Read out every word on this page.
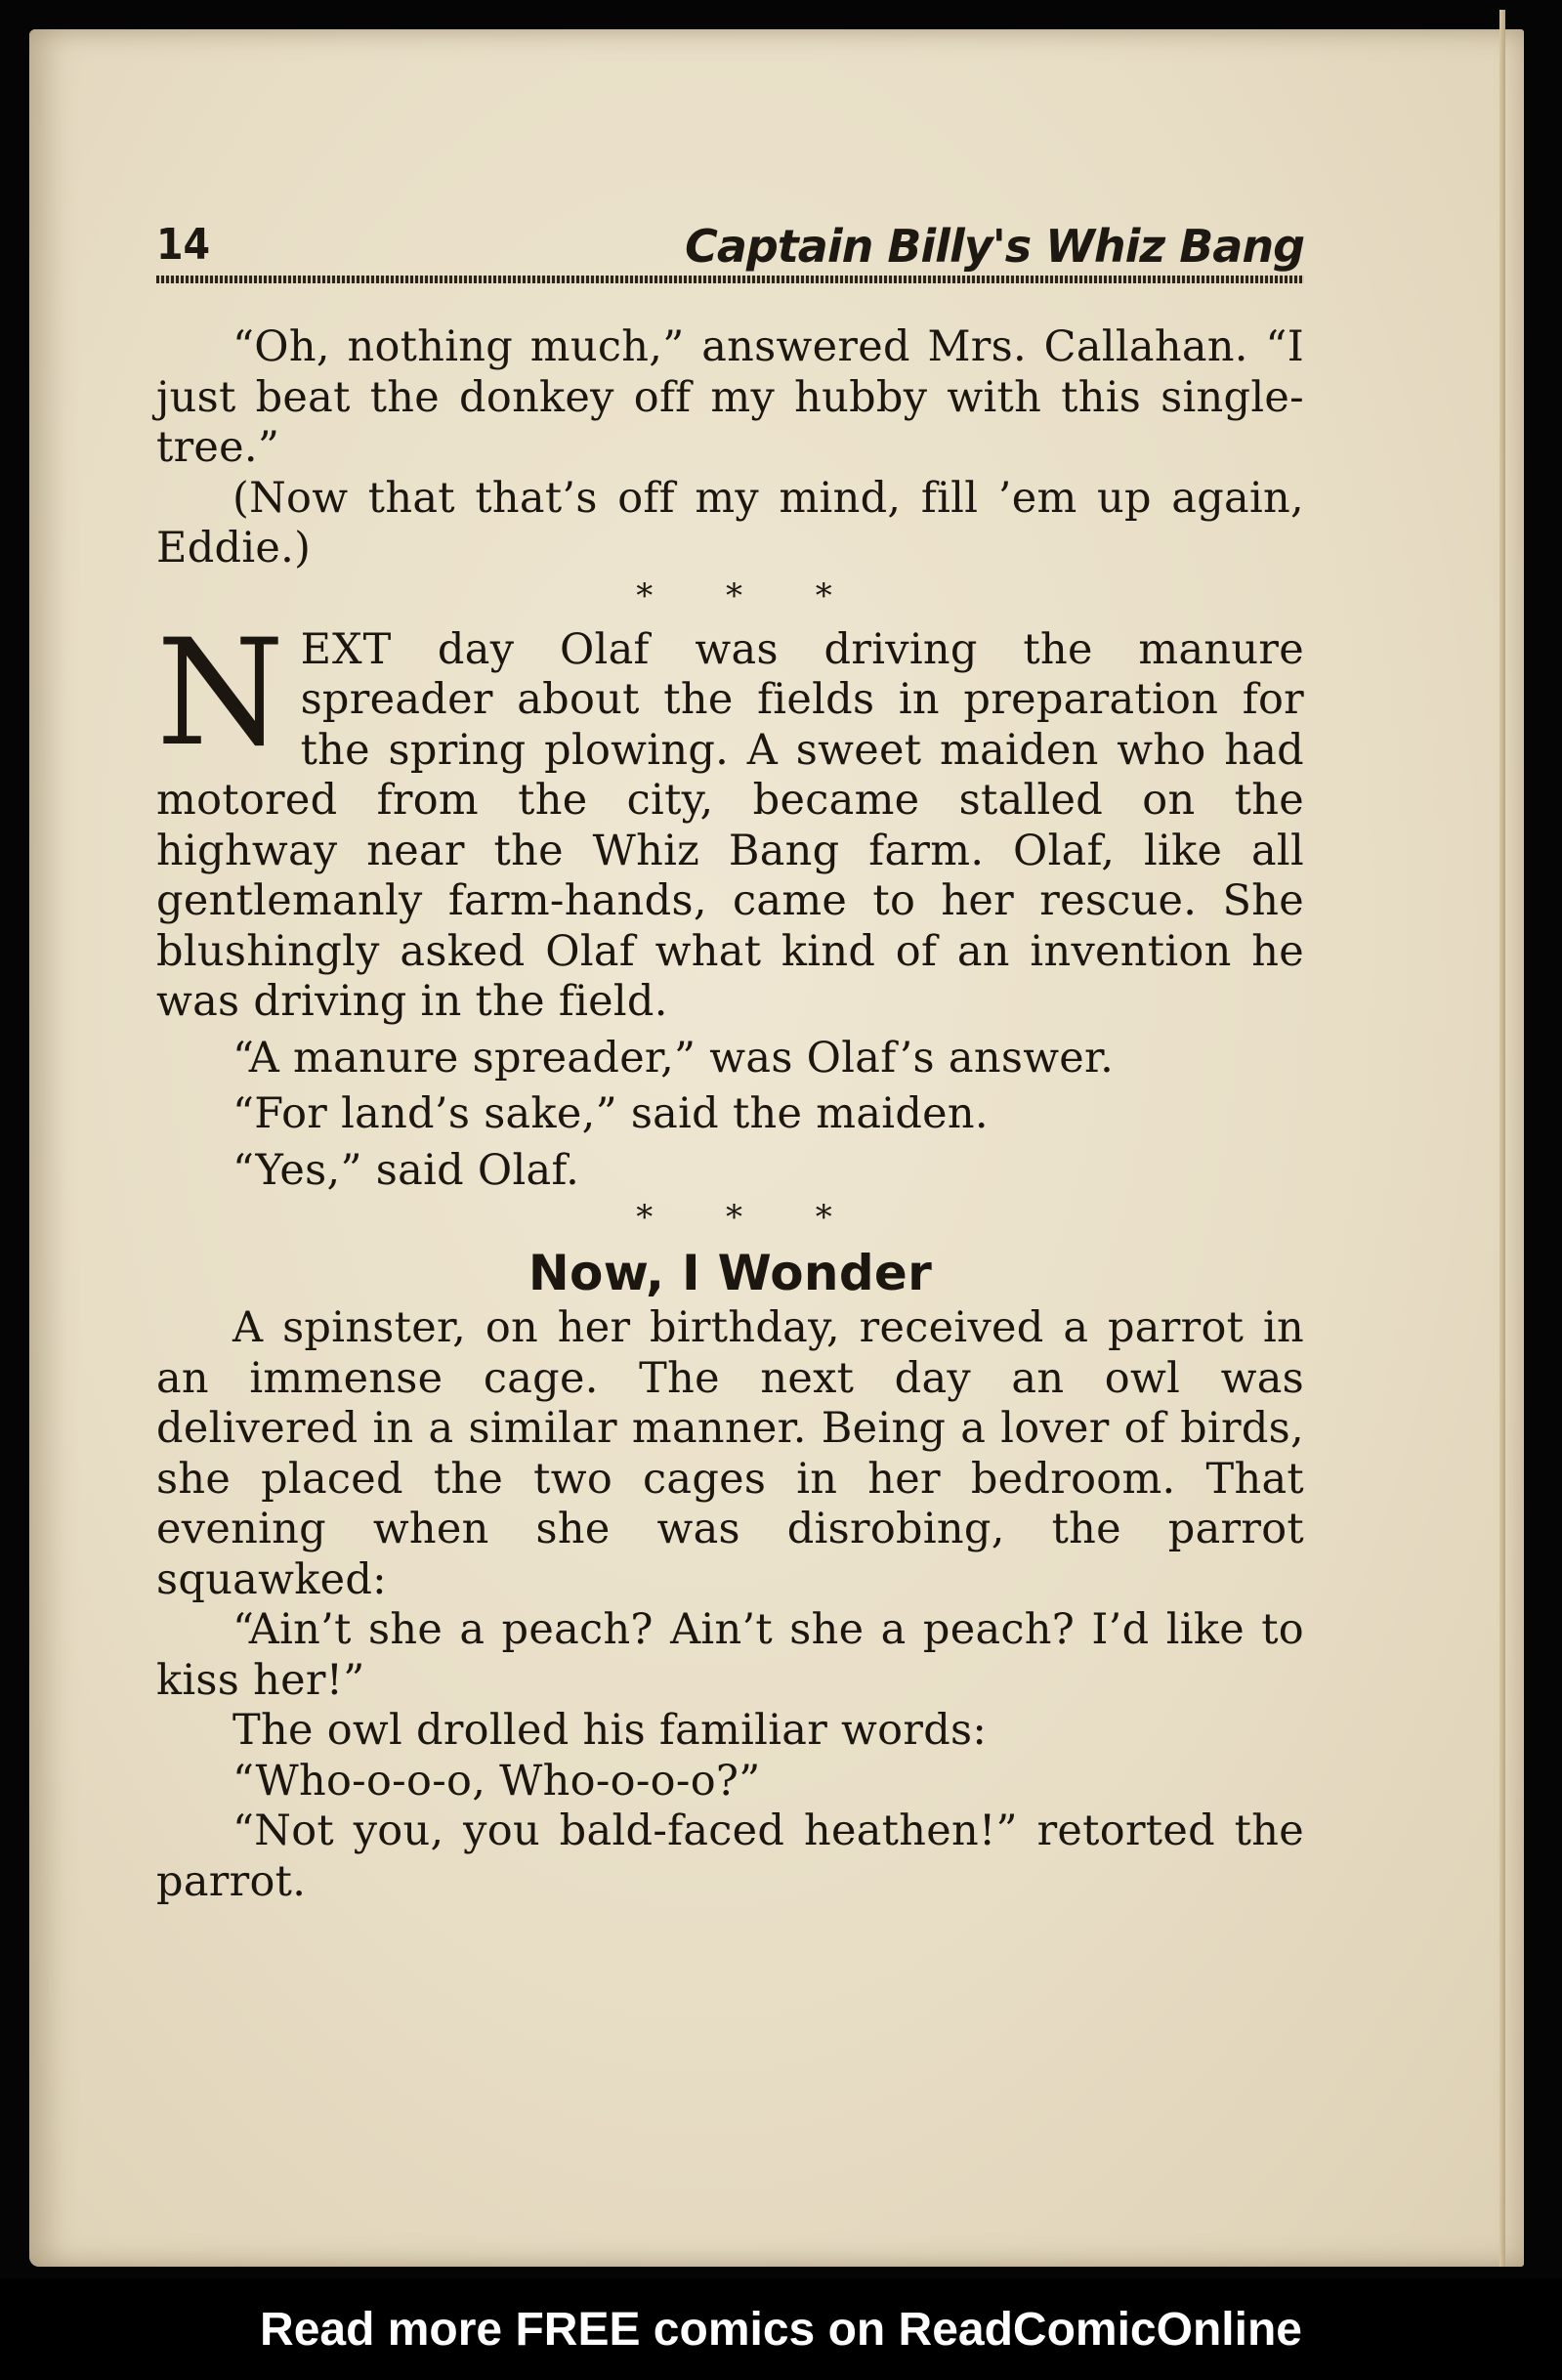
14	Captain Billy's Whiz Bang

“Oh, nothing much,” answered Mrs. Callahan. “I just beat the donkey off my hubby with this single-tree.”

(Now that that’s off my mind, fill ’em up again, Eddie.)

* * *

NEXT day Olaf was driving the manure spreader about the fields in preparation for the spring plowing. A sweet maiden who had motored from the city, became stalled on the highway near the Whiz Bang farm. Olaf, like all gentlemanly farm-hands, came to her rescue. She blushingly asked Olaf what kind of an invention he was driving in the field.

“A manure spreader,” was Olaf’s answer.

“For land’s sake,” said the maiden.

“Yes,” said Olaf.

* * *

Now, I Wonder

A spinster, on her birthday, received a parrot in an immense cage. The next day an owl was delivered in a similar manner. Being a lover of birds, she placed the two cages in her bedroom. That evening when she was disrobing, the parrot squawked:

“Ain’t she a peach? Ain’t she a peach? I’d like to kiss her!”

The owl drolled his familiar words:

“Who-o-o-o, Who-o-o-o?”

“Not you, you bald-faced heathen!” retorted the parrot.

Read more FREE comics on ReadComicOnline
